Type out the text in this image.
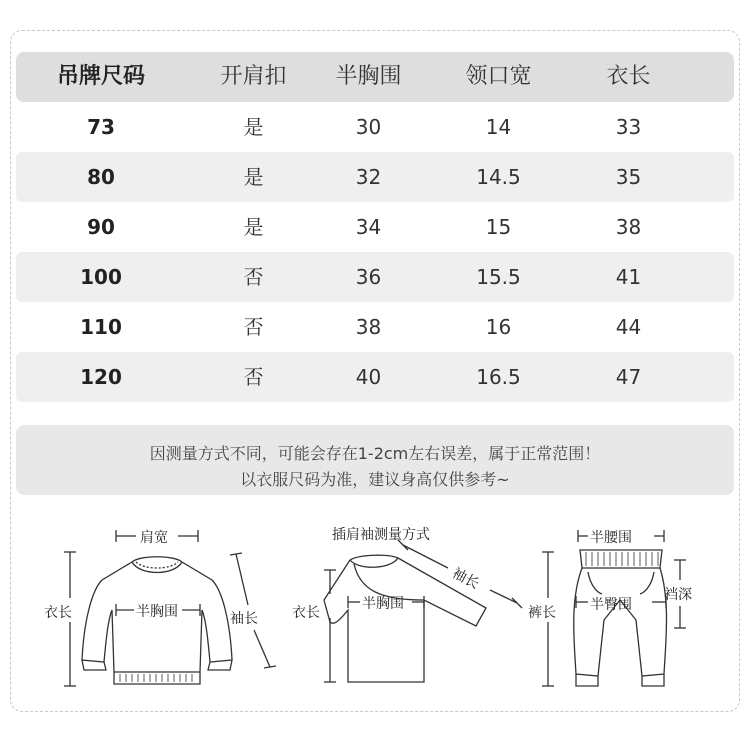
吊牌尺码	开肩扣	半胸围	领口宽	衣长
73	是	30	14	33
80	是	32	14.5	35
90	是	34	15	38
100	否	36	15.5	41
110	否	38	16	44
120	否	40	16.5	47
因测量方式不同，可能会存在1-2cm左右误差，属于正常范围！
以衣服尺码为准，建议身高仅供参考~
肩宽
半胸围
衣长	袖长
插肩袖测量方式
半胸围
衣长
袖长
半腰围
半臀围
裤长
裆深
